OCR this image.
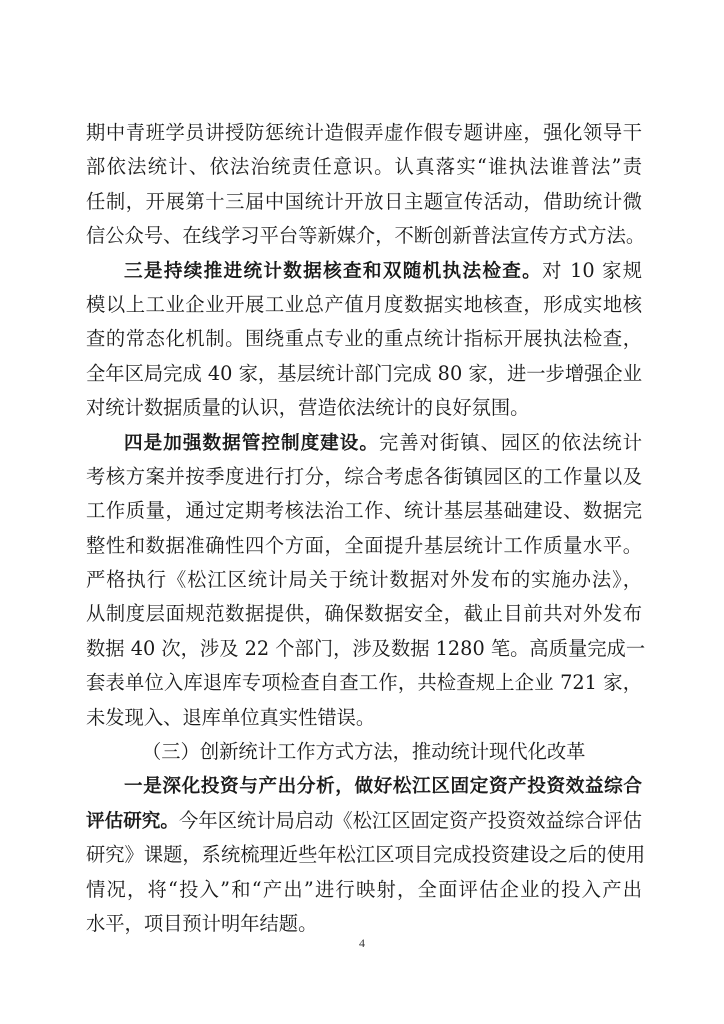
期中青班学员讲授防惩统计造假弄虚作假专题讲座，强化领导干
部依法统计、依法治统责任意识。认真落实“谁执法谁普法”责
任制，开展第十三届中国统计开放日主题宣传活动，借助统计微
信公众号、在线学习平台等新媒介，不断创新普法宣传方式方法。
三是持续推进统计数据核查和双随机执法检查。对 10 家规
模以上工业企业开展工业总产值月度数据实地核查，形成实地核
查的常态化机制。围绕重点专业的重点统计指标开展执法检查，
全年区局完成 40 家，基层统计部门完成 80 家，进一步增强企业
对统计数据质量的认识，营造依法统计的良好氛围。
四是加强数据管控制度建设。完善对街镇、园区的依法统计
考核方案并按季度进行打分，综合考虑各街镇园区的工作量以及
工作质量，通过定期考核法治工作、统计基层基础建设、数据完
整性和数据准确性四个方面，全面提升基层统计工作质量水平。
严格执行《松江区统计局关于统计数据对外发布的实施办法》，
从制度层面规范数据提供，确保数据安全，截止目前共对外发布
数据 40 次，涉及 22 个部门，涉及数据 1280 笔。高质量完成一
套表单位入库退库专项检查自查工作，共检查规上企业 721 家，
未发现入、退库单位真实性错误。
（三）创新统计工作方式方法，推动统计现代化改革
一是深化投资与产出分析，做好松江区固定资产投资效益综合
评估研究。今年区统计局启动《松江区固定资产投资效益综合评估
研究》课题，系统梳理近些年松江区项目完成投资建设之后的使用
情况，将“投入”和“产出”进行映射，全面评估企业的投入产出
水平，项目预计明年结题。
4
